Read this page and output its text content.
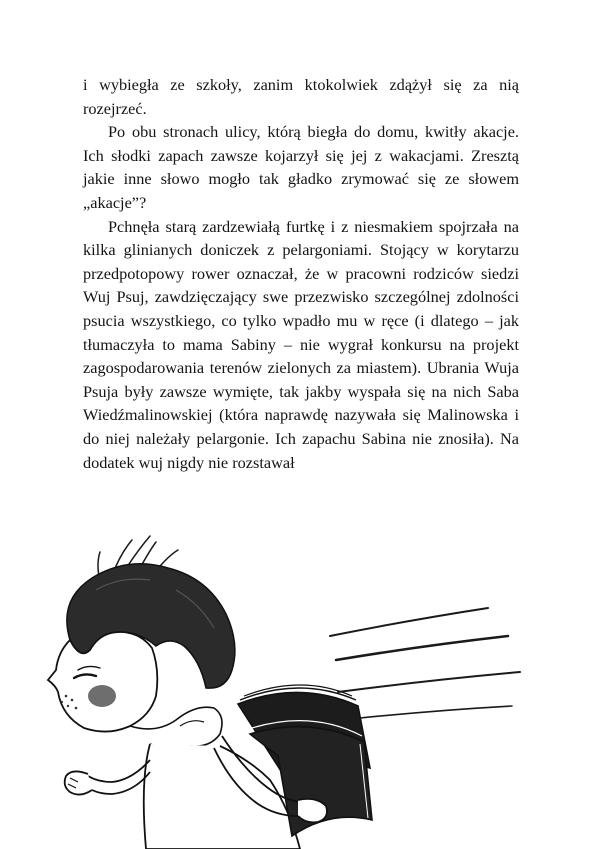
i wybiegła ze szkoły, zanim ktokolwiek zdążył się za nią rozejrzeć.

Po obu stronach ulicy, którą biegła do domu, kwitły akacje. Ich słodki zapach zawsze kojarzył się jej z wakacjami. Zresztą jakie inne słowo mogło tak gładko zrymować się ze słowem „akacje”?

Pchnęła starą zardzewiałą furtkę i z niesmakiem spojrzała na kilka glinianych doniczek z pelargoniami. Stojący w korytarzu przedpotopowy rower oznaczał, że w pracowni rodziców siedzi Wuj Psuj, zawdzięczający swe przezwisko szczególnej zdolności psucia wszystkiego, co tylko wpadło mu w ręce (i dlatego – jak tłumaczyła to mama Sabiny – nie wygrał konkursu na projekt zagospodarowania terenów zielonych za miastem). Ubrania Wuja Psuja były zawsze wymięte, tak jakby wyspała się na nich Saba Wiedźmalinowskiej (która naprawdę nazywała się Malinowska i do niej należały pelargonie. Ich zapachu Sabina nie znosiła). Na dodatek wuj nigdy nie rozstawał
